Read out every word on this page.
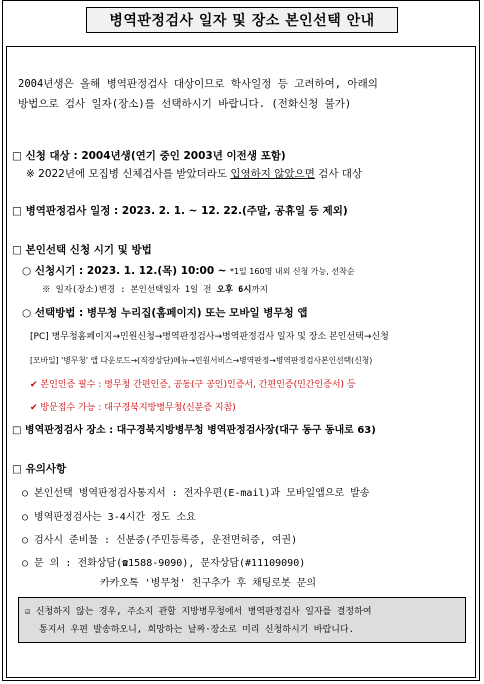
병역판정검사 일자 및 장소 본인선택 안내
2004년생은 올해 병역판정검사 대상이므로 학사일정 등 고려하여, 아래의
방법으로 검사 일자(장소)를 선택하시기 바랍니다. (전화신청 불가)
□ 신청 대상 : 2004년생(연기 중인 2003년 이전생 포함)
※ 2022년에 모집병 신체검사를 받았더라도 입영하지 않았으면 검사 대상
□ 병역판정검사 일정 : 2023. 2. 1. ~ 12. 22.(주말, 공휴일 등 제외)
□ 본인선택 신청 시기 및 방법
○ 신청시기 : 2023. 1. 12.(목) 10:00 ~ *1일 160명 내외 신청 가능, 선착순
※ 일자(장소)변경 : 본인선택일자 1일 전 오후 6시까지
○ 선택방법 : 병무청 누리집(홈페이지) 또는 모바일 병무청 앱
[PC] 병무청홈페이지→민원신청→병역판정검사→병역판정검사 일자 및 장소 본인선택→신청
[모바일] '병무청' 앱 다운로드→(직장상단)메뉴→민원서비스→병역판정→병역판정검사본인선택(신청)
✔ 본인인증 필수 : 병무청 간편인증, 공동(구 공인)인증서, 간편인증(민간인증서) 등
✔ 방문접수 가능 : 대구경북지방병무청(신분증 지참)
□ 병역판정검사 장소 : 대구경북지방병무청 병역판정검사장(대구 동구 동내로 63)
□ 유의사항
○ 본인선택 병역판정검사통지서 : 전자우편(E-mail)과 모바일앱으로 발송
○ 병역판정검사는 3-4시간 정도 소요
○ 검사시 준비물 : 신분증(주민등록증, 운전면허증, 여권)
○ 문 의 : 전화상담(☎1588-9090), 문자상담(#11109090)
카카오톡 '병무청' 친구추가 후 채팅로봇 문의
☑ 신청하지 않는 경우, 주소지 관할 지방병무청에서 병역판정검사 일자를 결정하여
통지서 우편 발송하오니, 희망하는 날짜·장소로 미리 신청하시기 바랍니다.
